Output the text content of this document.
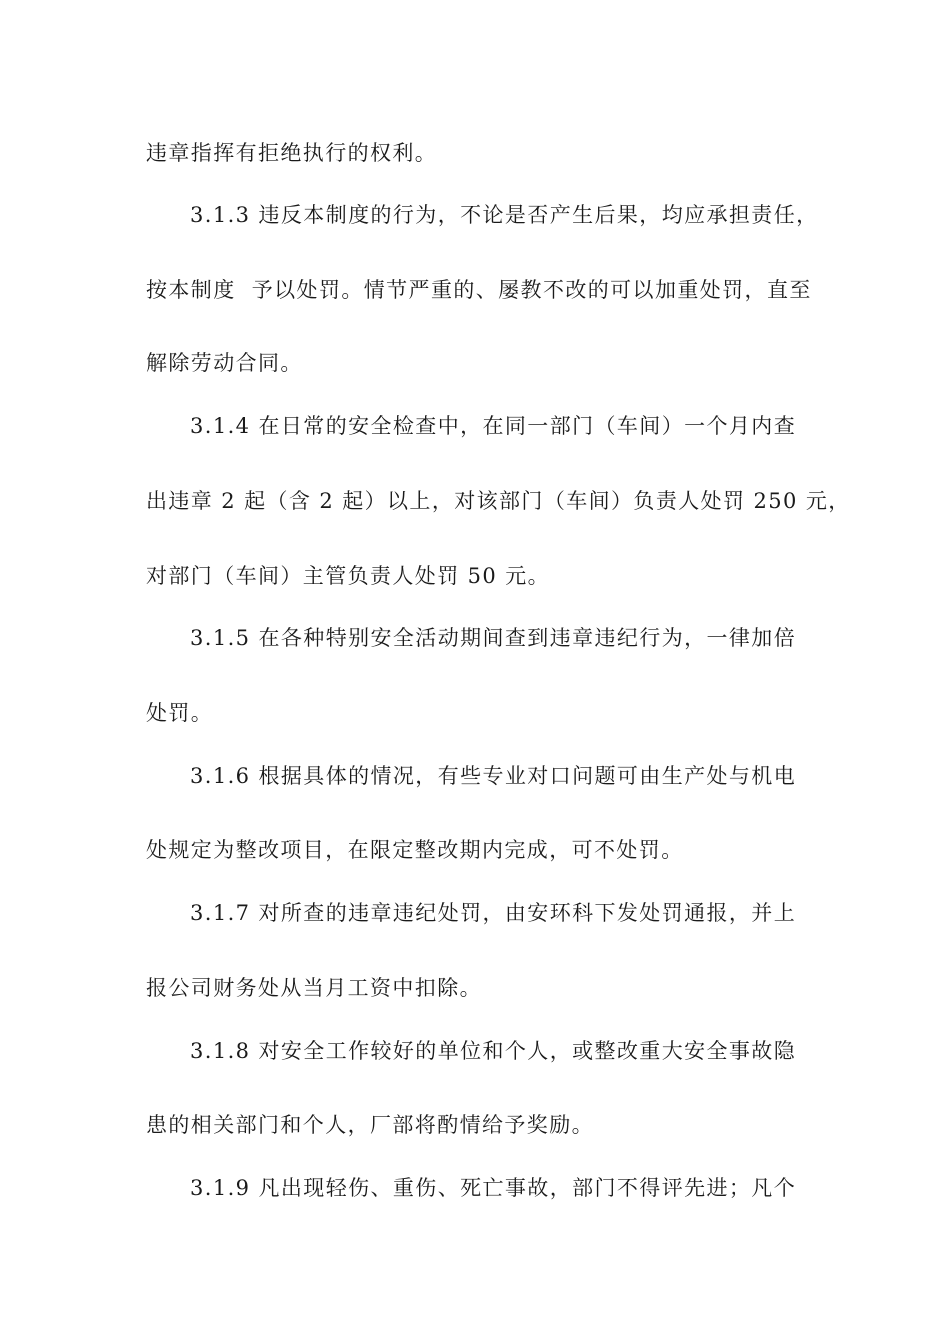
违章指挥有拒绝执行的权利。
3.1.3 违反本制度的行为，不论是否产生后果，均应承担责任，
按本制度  予以处罚。情节严重的、屡教不改的可以加重处罚，直至
解除劳动合同。
3.1.4 在日常的安全检查中，在同一部门（车间）一个月内查
出违章 2 起（含 2 起）以上，对该部门（车间）负责人处罚 250 元，
对部门（车间）主管负责人处罚 50 元。
3.1.5 在各种特别安全活动期间查到违章违纪行为，一律加倍
处罚。
3.1.6 根据具体的情况，有些专业对口问题可由生产处与机电
处规定为整改项目，在限定整改期内完成，可不处罚。
3.1.7 对所查的违章违纪处罚，由安环科下发处罚通报，并上
报公司财务处从当月工资中扣除。
3.1.8 对安全工作较好的单位和个人，或整改重大安全事故隐
患的相关部门和个人，厂部将酌情给予奖励。
3.1.9 凡出现轻伤、重伤、死亡事故，部门不得评先进；凡个
